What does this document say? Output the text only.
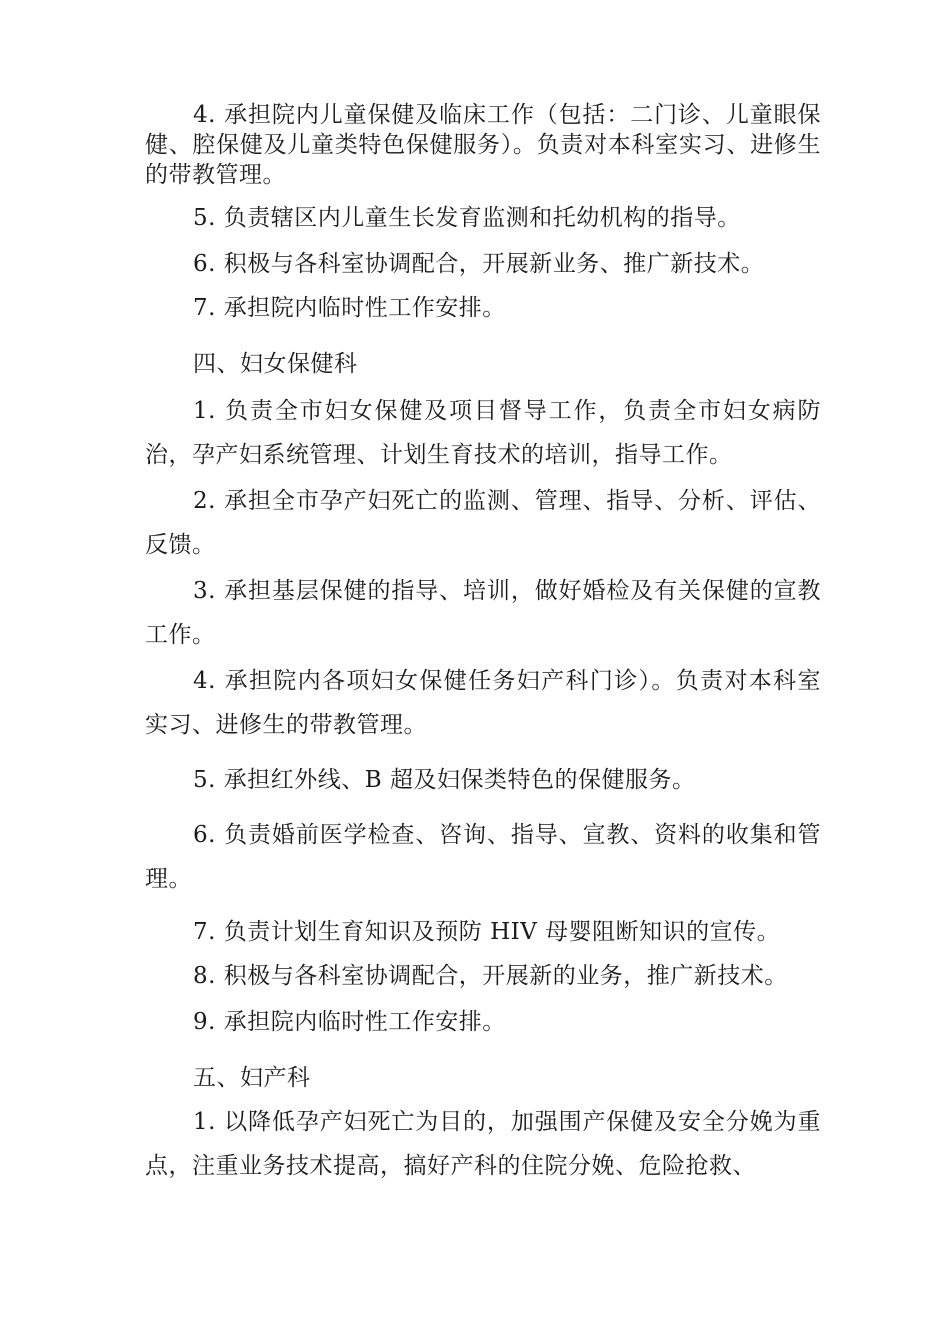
4. 承担院内儿童保健及临床工作（包括：二门诊、儿童眼保健、腔保健及儿童类特色保健服务）。负责对本科室实习、进修生的带教管理。

5. 负责辖区内儿童生长发育监测和托幼机构的指导。

6. 积极与各科室协调配合，开展新业务、推广新技术。

7. 承担院内临时性工作安排。

四、妇女保健科

1. 负责全市妇女保健及项目督导工作，负责全市妇女病防治，孕产妇系统管理、计划生育技术的培训，指导工作。

2. 承担全市孕产妇死亡的监测、管理、指导、分析、评估、反馈。

3. 承担基层保健的指导、培训，做好婚检及有关保健的宣教工作。

4. 承担院内各项妇女保健任务妇产科门诊）。负责对本科室实习、进修生的带教管理。

5. 承担红外线、B 超及妇保类特色的保健服务。

6. 负责婚前医学检查、咨询、指导、宣教、资料的收集和管理。

7. 负责计划生育知识及预防 HIV 母婴阻断知识的宣传。

8. 积极与各科室协调配合，开展新的业务，推广新技术。

9. 承担院内临时性工作安排。

五、妇产科

1. 以降低孕产妇死亡为目的，加强围产保健及安全分娩为重点，注重业务技术提高，搞好产科的住院分娩、危险抢救、
